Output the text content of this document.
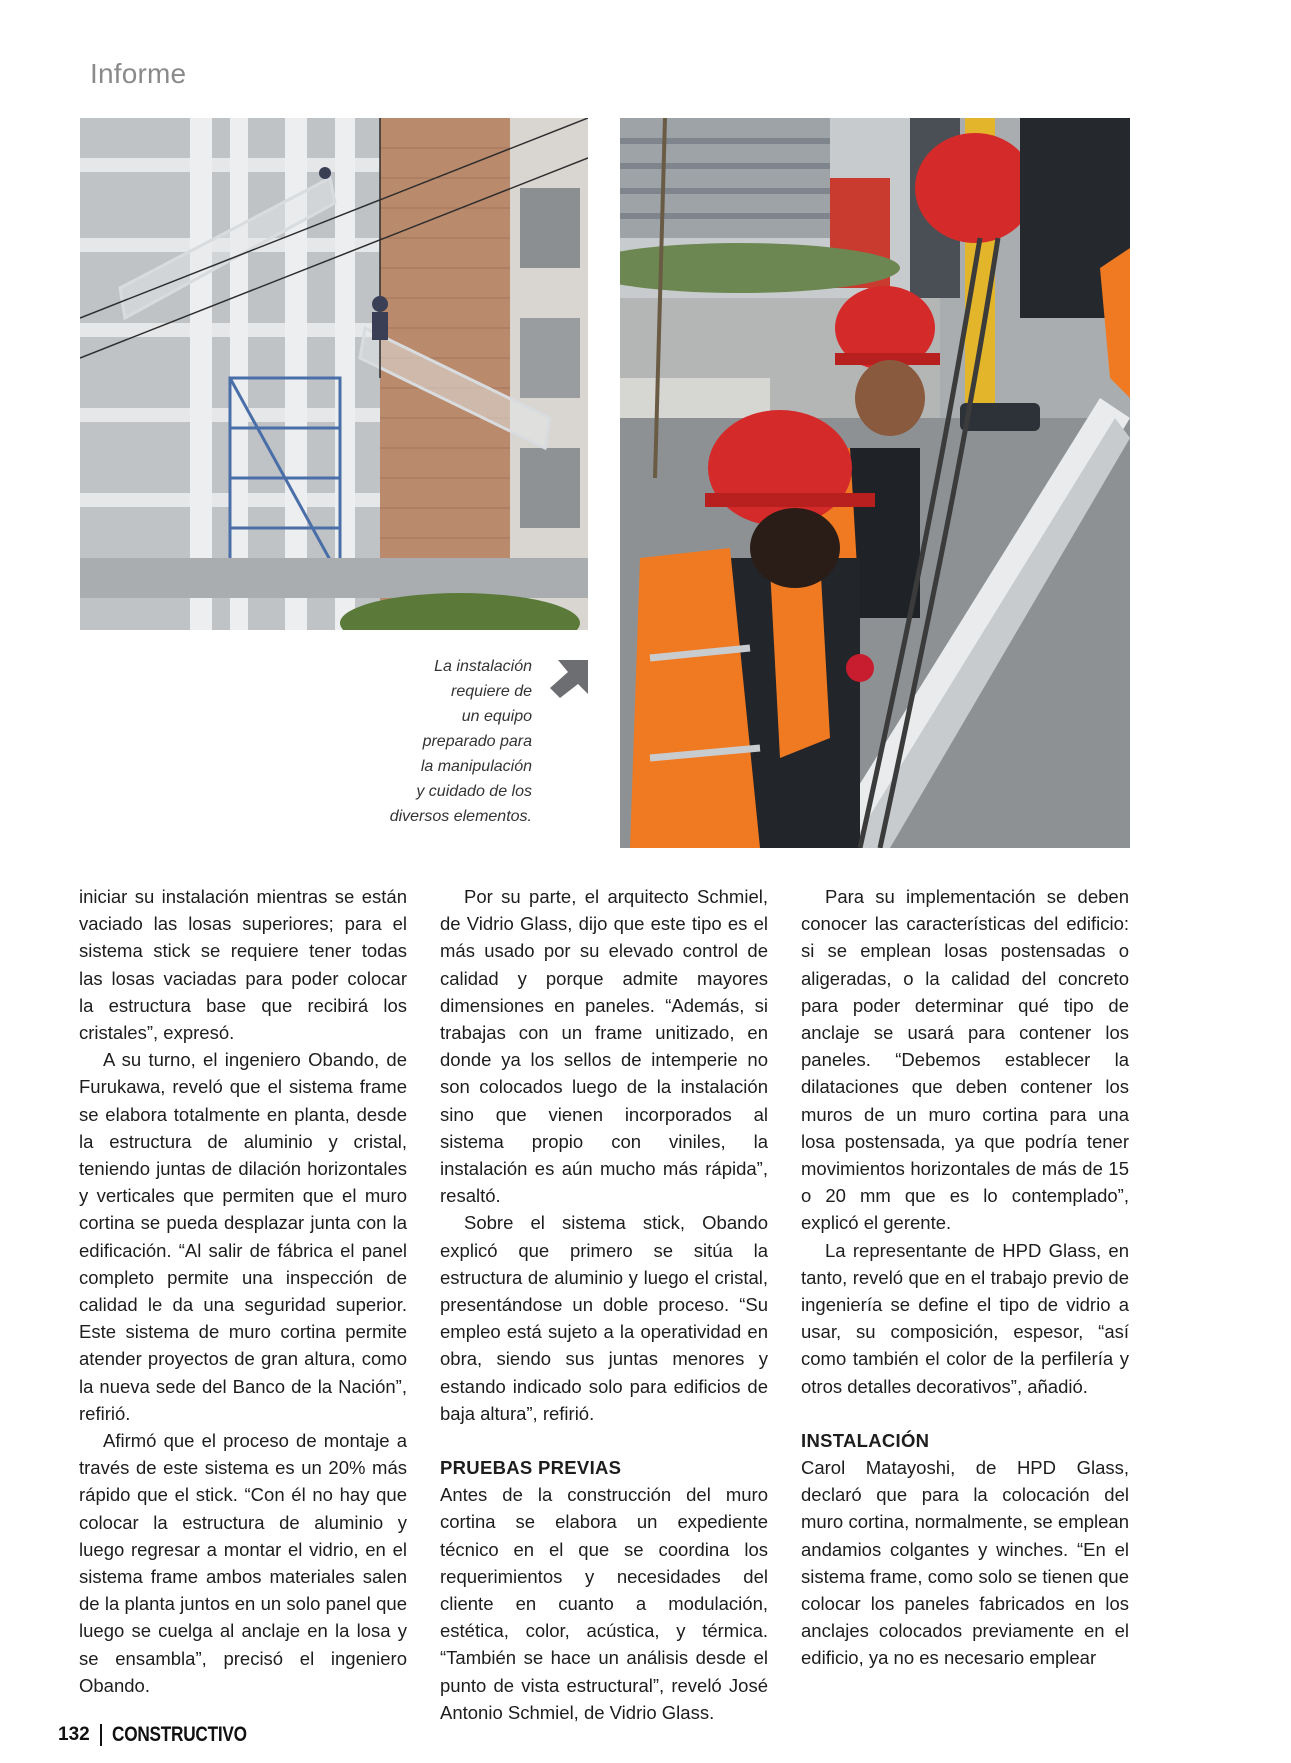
Informe
La instalación
requiere de
un equipo
preparado para
la manipulación
y cuidado de los
diversos elementos.

iniciar su instalación mientras se están vaciado las losas superiores; para el sistema stick se requiere tener todas las losas vaciadas para poder colocar la estructura base que recibirá los cristales”, expresó.

A su turno, el ingeniero Obando, de Furukawa, reveló que el sistema frame se elabora totalmente en planta, desde la estructura de aluminio y cristal, teniendo juntas de dilación horizontales y verticales que permiten que el muro cortina se pueda desplazar junta con la edificación. “Al salir de fábrica el panel completo permite una inspección de calidad le da una seguridad superior. Este sistema de muro cortina permite atender proyectos de gran altura, como la nueva sede del Banco de la Nación”, refirió.

Afirmó que el proceso de montaje a través de este sistema es un 20% más rápido que el stick. “Con él no hay que colocar la estructura de aluminio y luego regresar a montar el vidrio, en el sistema frame ambos materiales salen de la planta juntos en un solo panel que luego se cuelga al anclaje en la losa y se ensambla”, precisó el ingeniero Obando.

Por su parte, el arquitecto Schmiel, de Vidrio Glass, dijo que este tipo es el más usado por su elevado control de calidad y porque admite mayores dimensiones en paneles. “Además, si trabajas con un frame unitizado, en donde ya los sellos de intemperie no son colocados luego de la instalación sino que vienen incorporados al sistema propio con viniles, la instalación es aún mucho más rápida”, resaltó.

Sobre el sistema stick, Obando explicó que primero se sitúa la estructura de aluminio y luego el cristal, presentándose un doble proceso. “Su empleo está sujeto a la operatividad en obra, siendo sus juntas menores y estando indicado solo para edificios de baja altura”, refirió.

PRUEBAS PREVIAS

Antes de la construcción del muro cortina se elabora un expediente técnico en el que se coordina los requerimientos y necesidades del cliente en cuanto a modulación, estética, color, acústica, y térmica. “También se hace un análisis desde el punto de vista estructural”, reveló José Antonio Schmiel, de Vidrio Glass.

Para su implementación se deben conocer las características del edificio: si se emplean losas postensadas o aligeradas, o la calidad del concreto para poder determinar qué tipo de anclaje se usará para contener los paneles. “Debemos establecer la dilataciones que deben contener los muros de un muro cortina para una losa postensada, ya que podría tener movimientos horizontales de más de 15 o 20 mm que es lo contemplado”, explicó el gerente.

La representante de HPD Glass, en tanto, reveló que en el trabajo previo de ingeniería se define el tipo de vidrio a usar, su composición, espesor, “así como también el color de la perfilería y otros detalles decorativos”, añadió.

INSTALACIÓN

Carol Matayoshi, de HPD Glass, declaró que para la colocación del muro cortina, normalmente, se emplean andamios colgantes y winches. “En el sistema frame, como solo se tienen que colocar los paneles fabricados en los anclajes colocados previamente en el edificio, ya no es necesario emplear

132 CONSTRUCTIVO
